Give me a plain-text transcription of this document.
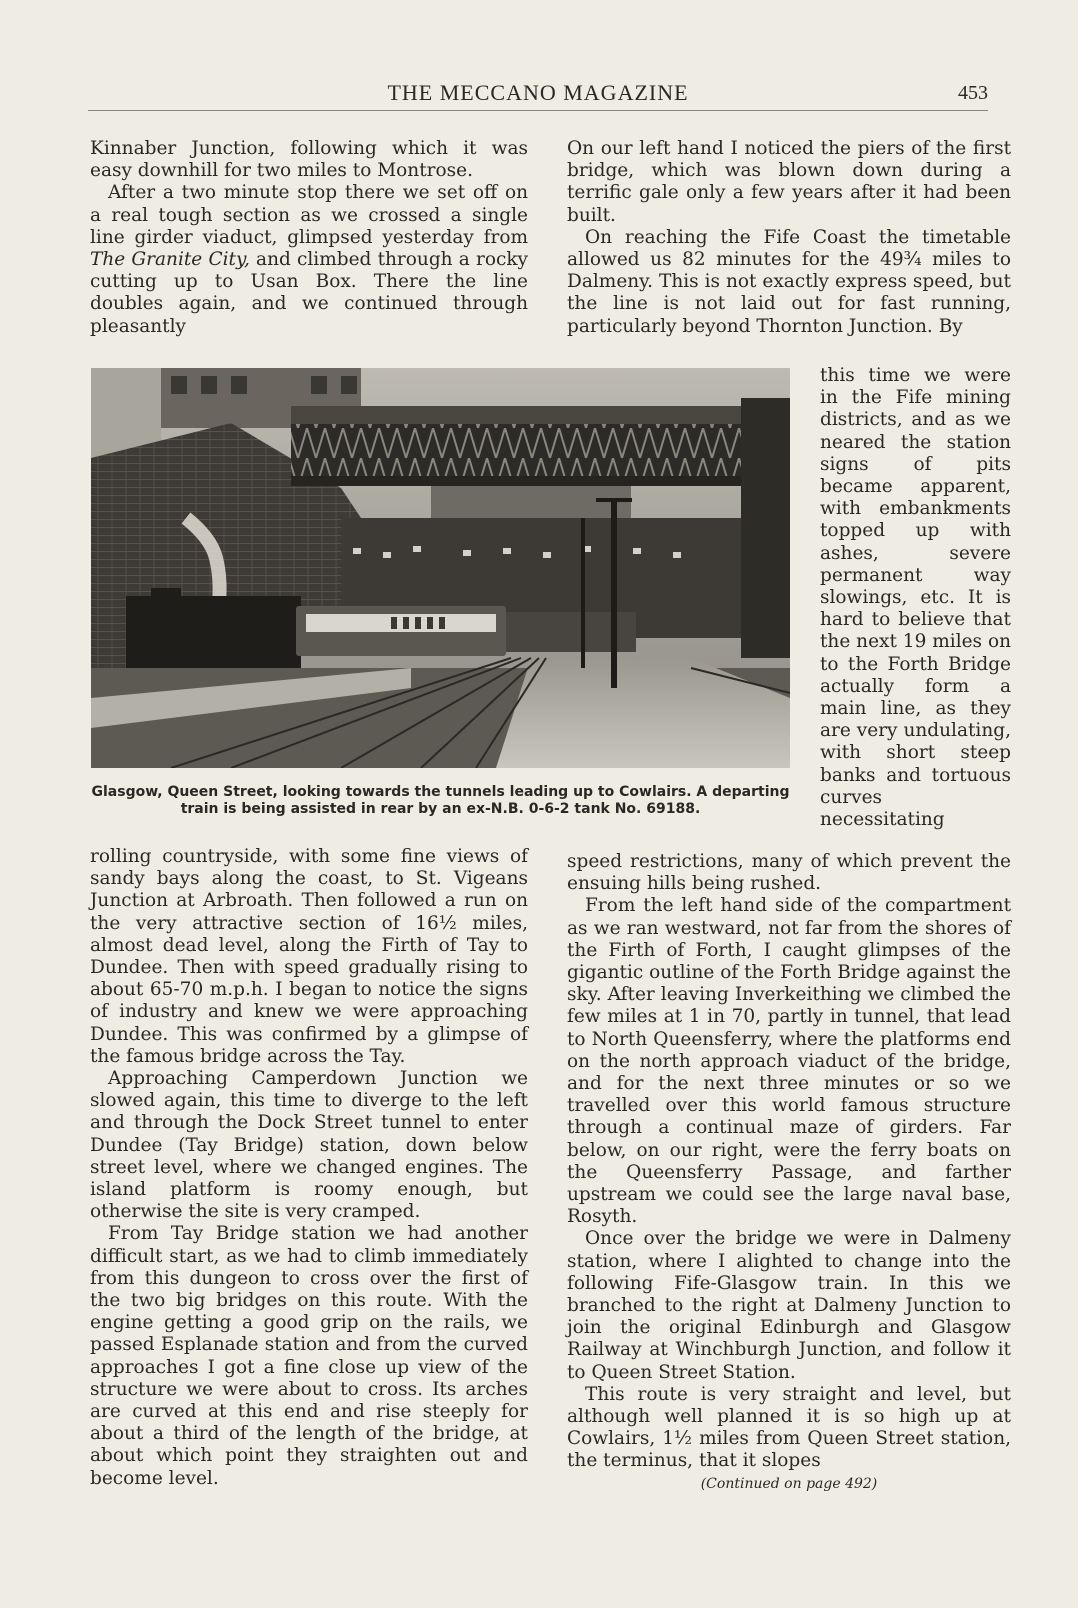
THE MECCANO MAGAZINE	453

Kinnaber Junction, following which it was easy downhill for two miles to Montrose.

After a two minute stop there we set off on a real tough section as we crossed a single line girder viaduct, glimpsed yesterday from The Granite City, and climbed through a rocky cutting up to Usan Box. There the line doubles again, and we continued through pleasantly

On our left hand I noticed the piers of the first bridge, which was blown down during a terrific gale only a few years after it had been built.

On reaching the Fife Coast the timetable allowed us 82 minutes for the 49¾ miles to Dalmeny. This is not exactly express speed, but the line is not laid out for fast running, particularly beyond Thornton Junction. By

Glasgow, Queen Street, looking towards the tunnels leading up to Cowlairs. A departing train is being assisted in rear by an ex-N.B. 0-6-2 tank No. 69188.
this time we were in the Fife mining districts, and as we neared the station signs of pits became apparent, with embankments topped up with ashes, severe permanent way slowings, etc. It is hard to believe that the next 19 miles on to the Forth Bridge actually form a main line, as they are very undulating, with short steep banks and tortuous curves necessitating

rolling countryside, with some fine views of sandy bays along the coast, to St. Vigeans Junction at Arbroath. Then followed a run on the very attractive section of 16½ miles, almost dead level, along the Firth of Tay to Dundee. Then with speed gradually rising to about 65-70 m.p.h. I began to notice the signs of industry and knew we were approaching Dundee. This was confirmed by a glimpse of the famous bridge across the Tay.

Approaching Camperdown Junction we slowed again, this time to diverge to the left and through the Dock Street tunnel to enter Dundee (Tay Bridge) station, down below street level, where we changed engines. The island platform is roomy enough, but otherwise the site is very cramped.

From Tay Bridge station we had another difficult start, as we had to climb immediately from this dungeon to cross over the first of the two big bridges on this route. With the engine getting a good grip on the rails, we passed Esplanade station and from the curved approaches I got a fine close up view of the structure we were about to cross. Its arches are curved at this end and rise steeply for about a third of the length of the bridge, at about which point they straighten out and become level.

speed restrictions, many of which prevent the ensuing hills being rushed.

From the left hand side of the compartment as we ran westward, not far from the shores of the Firth of Forth, I caught glimpses of the gigantic outline of the Forth Bridge against the sky. After leaving Inverkeithing we climbed the few miles at 1 in 70, partly in tunnel, that lead to North Queensferry, where the platforms end on the north approach viaduct of the bridge, and for the next three minutes or so we travelled over this world famous structure through a continual maze of girders. Far below, on our right, were the ferry boats on the Queensferry Passage, and farther upstream we could see the large naval base, Rosyth.

Once over the bridge we were in Dalmeny station, where I alighted to change into the following Fife-Glasgow train. In this we branched to the right at Dalmeny Junction to join the original Edinburgh and Glasgow Railway at Winchburgh Junction, and follow it to Queen Street Station.

This route is very straight and level, but although well planned it is so high up at Cowlairs, 1½ miles from Queen Street station, the terminus, that it slopes

(Continued on page 492)
